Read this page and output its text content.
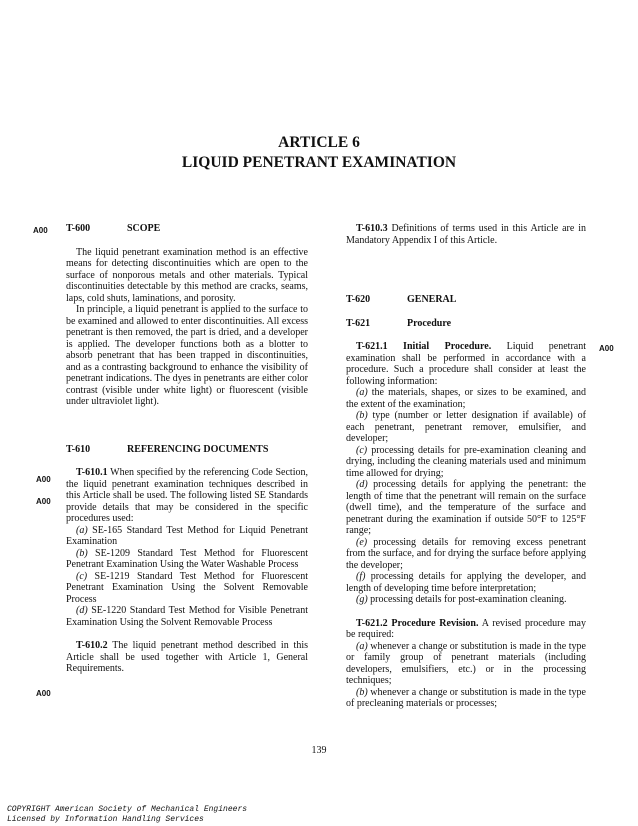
ARTICLE 6
LIQUID PENETRANT EXAMINATION
A00
A00
A00
A00
A00
T-600	SCOPE

The liquid penetrant examination method is an effective means for detecting discontinuities which are open to the surface of nonporous metals and other materials. Typical discontinuities detectable by this method are cracks, seams, laps, cold shuts, laminations, and porosity.

In principle, a liquid penetrant is applied to the surface to be examined and allowed to enter discontinuities. All excess penetrant is then removed, the part is dried, and a developer is applied. The developer functions both as a blotter to absorb penetrant that has been trapped in discontinuities, and as a contrasting background to enhance the visibility of penetrant indications. The dyes in penetrants are either color contrast (visible under white light) or fluorescent (visible under ultraviolet light).

T-610	REFERENCING DOCUMENTS

T-610.1 When specified by the referencing Code Section, the liquid penetrant examination techniques described in this Article shall be used. The following listed SE Standards provide details that may be considered in the specific procedures used:

(a) SE-165 Standard Test Method for Liquid Penetrant Examination

(b) SE-1209 Standard Test Method for Fluorescent Penetrant Examination Using the Water Washable Process

(c) SE-1219 Standard Test Method for Fluorescent Penetrant Examination Using the Solvent Removable Process

(d) SE-1220 Standard Test Method for Visible Penetrant Examination Using the Solvent Removable Process

T-610.2 The liquid penetrant method described in this Article shall be used together with Article 1, General Requirements.

T-610.3 Definitions of terms used in this Article are in Mandatory Appendix I of this Article.

T-620	GENERAL
T-621	Procedure

T-621.1 Initial Procedure. Liquid penetrant examination shall be performed in accordance with a procedure. Such a procedure shall consider at least the following information:

(a) the materials, shapes, or sizes to be examined, and the extent of the examination;

(b) type (number or letter designation if available) of each penetrant, penetrant remover, emulsifier, and developer;

(c) processing details for pre-examination cleaning and drying, including the cleaning materials used and minimum time allowed for drying;

(d) processing details for applying the penetrant: the length of time that the penetrant will remain on the surface (dwell time), and the temperature of the surface and penetrant during the examination if outside 50°F to 125°F range;

(e) processing details for removing excess penetrant from the surface, and for drying the surface before applying the developer;

(f) processing details for applying the developer, and length of developing time before interpretation;

(g) processing details for post-examination cleaning.

T-621.2 Procedure Revision. A revised procedure may be required:

(a) whenever a change or substitution is made in the type or family group of penetrant materials (including developers, emulsifiers, etc.) or in the processing techniques;

(b) whenever a change or substitution is made in the type of precleaning materials or processes;

139
COPYRIGHT American Society of Mechanical Engineers
Licensed by Information Handling Services
